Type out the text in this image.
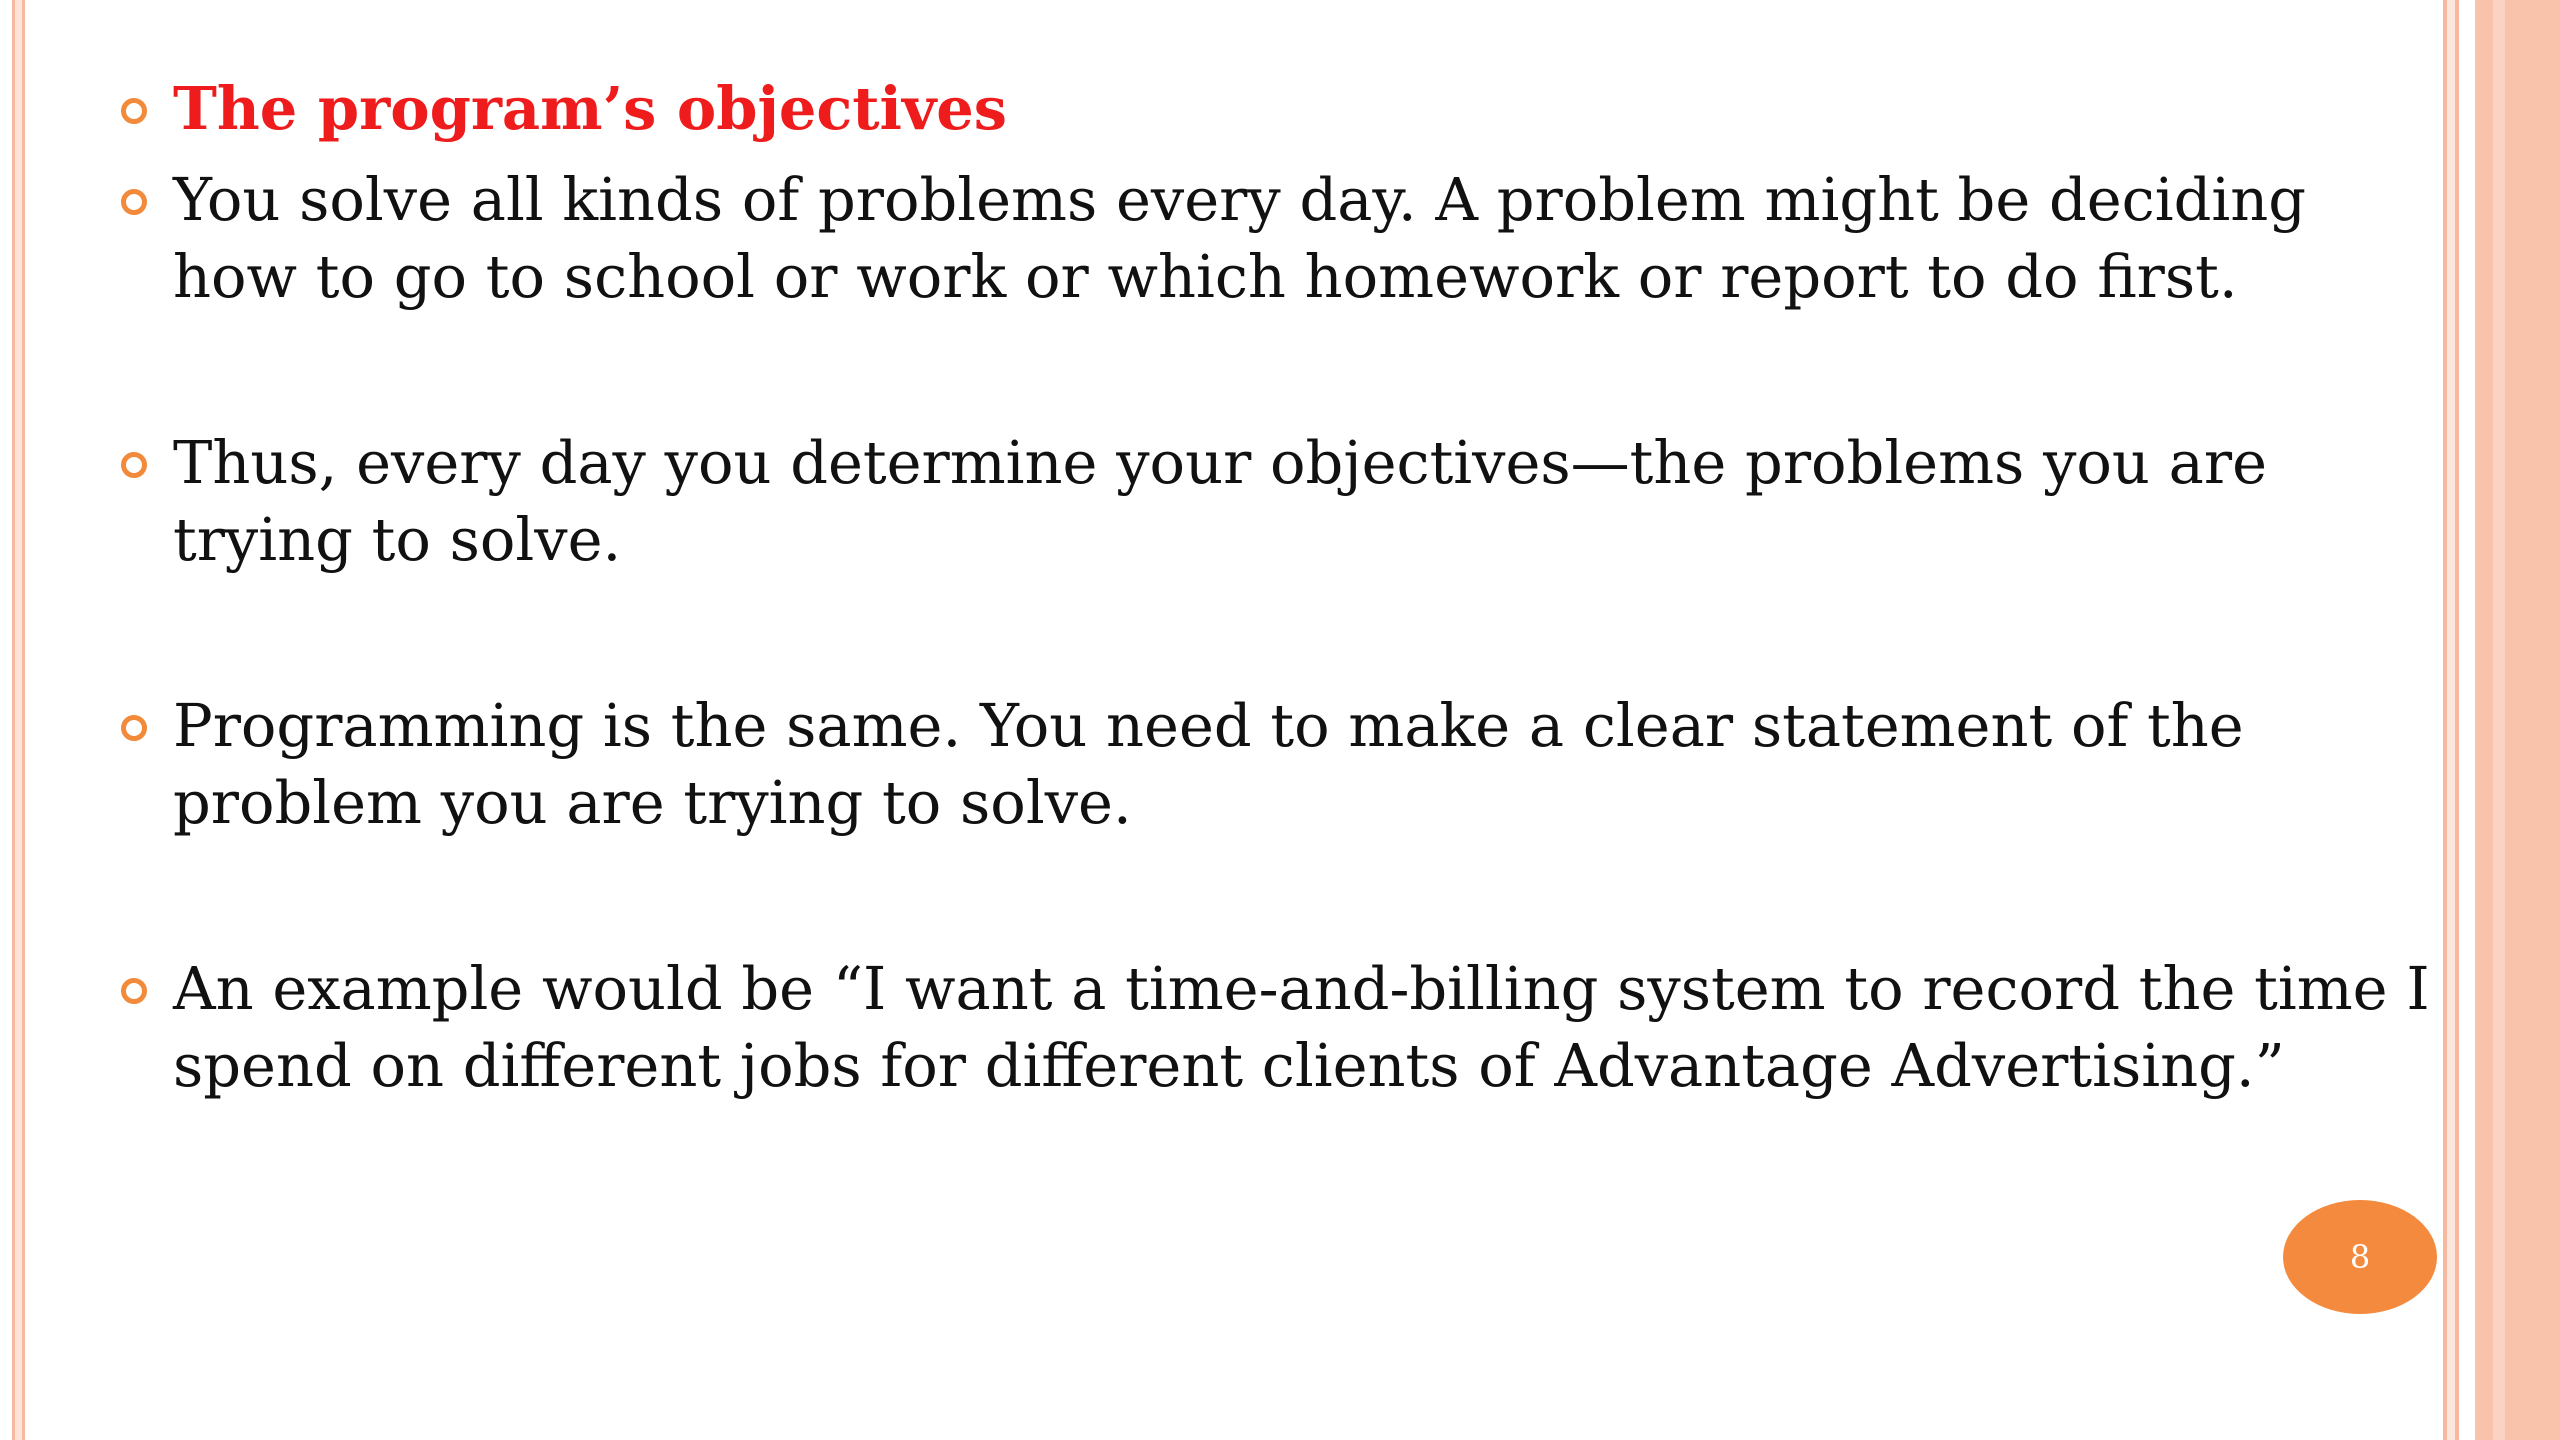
The program’s objectives
You solve all kinds of problems every day. A problem might be deciding how to go to school or work or which homework or report to do first.
Thus, every day you determine your objectives—the problems you are trying to solve.
Programming is the same. You need to make a clear statement of the problem you are trying to solve.
An example would be “I want a time-and-billing system to record the time I spend on different jobs for different clients of Advantage Advertising.”
8
